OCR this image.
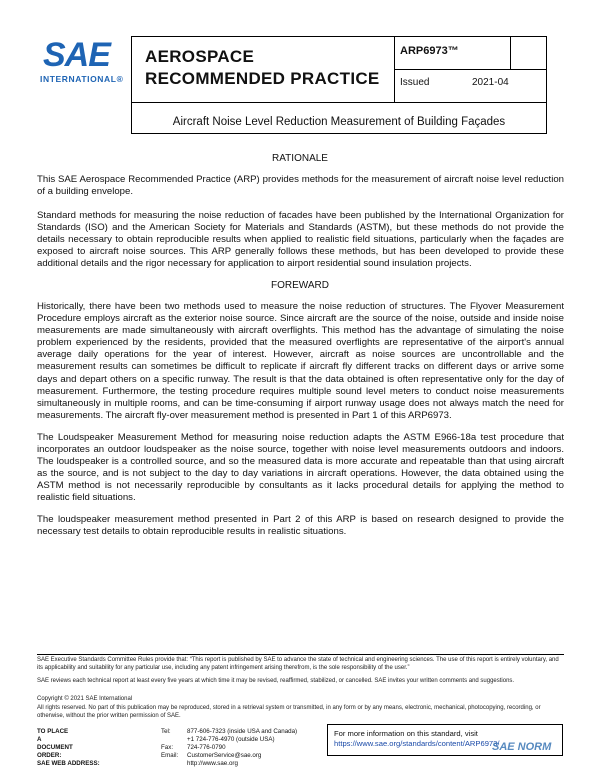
SAE
INTERNATIONAL®
AEROSPACE
RECOMMENDED PRACTICE
ARP6973™
Issued	2021-04
Aircraft Noise Level Reduction Measurement of Building Façades
RATIONALE
This SAE Aerospace Recommended Practice (ARP) provides methods for the measurement of aircraft noise level reduction of a building envelope.
Standard methods for measuring the noise reduction of facades have been published by the International Organization for Standards (ISO) and the American Society for Materials and Standards (ASTM), but these methods do not provide the details necessary to obtain reproducible results when applied to realistic field situations, particularly when the façades are exposed to aircraft noise sources. This ARP generally follows these methods, but has been developed to provide these additional details and the rigor necessary for application to airport residential sound insulation projects.
FOREWARD
Historically, there have been two methods used to measure the noise reduction of structures. The Flyover Measurement Procedure employs aircraft as the exterior noise source. Since aircraft are the source of the noise, outside and inside noise measurements are made simultaneously with aircraft overflights. This method has the advantage of simulating the noise problem experienced by the residents, provided that the measured overflights are representative of the airport's annual average daily operations for the year of interest. However, aircraft as noise sources are uncontrollable and the measurement results can sometimes be difficult to replicate if aircraft fly different tracks on different days or arrive some days and depart others on a specific runway. The result is that the data obtained is often representative only for the day of measurement. Furthermore, the testing procedure requires multiple sound level meters to conduct noise measurements simultaneously in multiple rooms, and can be time-consuming if airport runway usage does not always match the need for measurements. The aircraft fly-over measurement method is presented in Part 1 of this ARP6973.
The Loudspeaker Measurement Method for measuring noise reduction adapts the ASTM E966-18a test procedure that incorporates an outdoor loudspeaker as the noise source, together with noise level measurements outdoors and indoors. The loudspeaker is a controlled source, and so the measured data is more accurate and repeatable than that using aircraft as the source, and is not subject to the day to day variations in aircraft operations. However, the data obtained using the ASTM method is not necessarily reproducible by consultants as it lacks procedural details for applying the method to realistic field situations.
The loudspeaker measurement method presented in Part 2 of this ARP is based on research designed to provide the necessary test details to obtain reproducible results in realistic situations.
SAE Executive Standards Committee Rules provide that: “This report is published by SAE to advance the state of technical and engineering sciences. The use of this report is entirely voluntary, and its applicability and suitability for any particular use, including any patent infringement arising therefrom, is the sole responsibility of the user.”
SAE reviews each technical report at least every five years at which time it may be revised, reaffirmed, stabilized, or cancelled. SAE invites your written comments and suggestions.
Copyright © 2021 SAE International
All rights reserved. No part of this publication may be reproduced, stored in a retrieval system or transmitted, in any form or by any means, electronic, mechanical, photocopying, recording, or otherwise, without the prior written permission of SAE.
TO PLACE A DOCUMENT ORDER:
Tel:	877-606-7323 (inside USA and Canada)
+1 724-776-4970 (outside USA)
Fax: 724-776-0790
Email: CustomerService@sae.org
SAE WEB ADDRESS:	http://www.sae.org
For more information on this standard, visit
https://www.sae.org/standards/content/ARP6973/
SAE NORM
